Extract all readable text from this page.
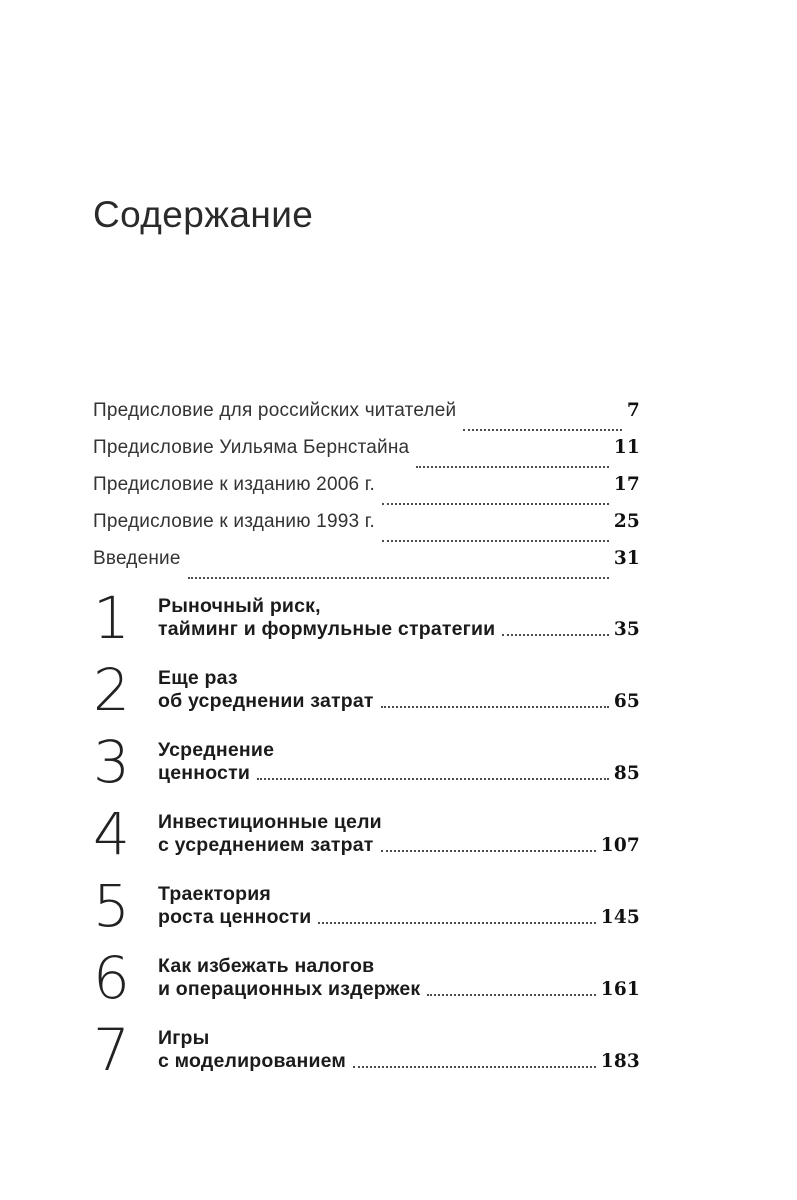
Содержание
Предисловие для российских читателей	7
Предисловие Уильяма Бернстайна	11
Предисловие к изданию 2006 г.	17
Предисловие к изданию 1993 г.	25
Введение	31
1	Рыночный риск,
тайминг и формульные стратегии	35
2	Еще раз
об усреднении затрат	65
3	Усреднение
ценности	85
4	Инвестиционные цели
с усреднением затрат	107
5	Траектория
роста ценности	145
6	Как избежать налогов
и операционных издержек	161
7	Игры
с моделированием	183
